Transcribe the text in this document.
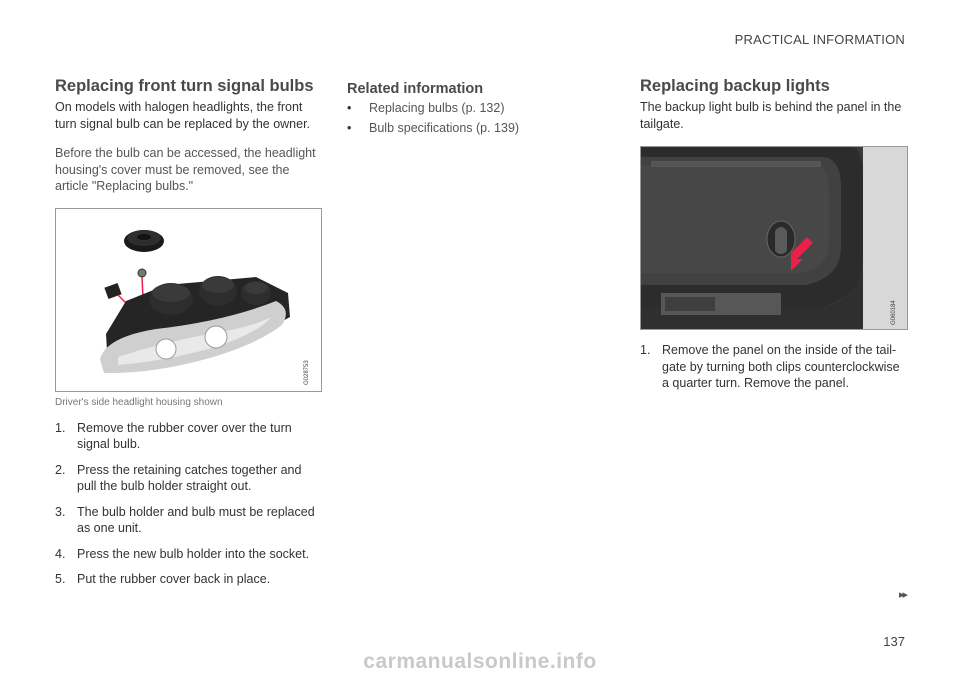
PRACTICAL INFORMATION
Replacing front turn signal bulbs

On models with halogen headlights, the front turn signal bulb can be replaced by the owner.

Before the bulb can be accessed, the headlight housing's cover must be removed, see the article "Replacing bulbs."

G028753
Driver's side headlight housing shown
1. Remove the rubber cover over the turn signal bulb.
2. Press the retaining catches together and pull the bulb holder straight out.
3. The bulb holder and bulb must be replaced as one unit.
4. Press the new bulb holder into the socket.
5. Put the rubber cover back in place.
Related information
•	Replacing bulbs (p. 132)
•	Bulb specifications (p. 139)
Replacing backup lights

The backup light bulb is behind the panel in the tailgate.

G060184
1. Remove the panel on the inside of the tail-gate by turning both clips counterclockwise a quarter turn. Remove the panel.
▸▸
137
carmanualsonline.info
